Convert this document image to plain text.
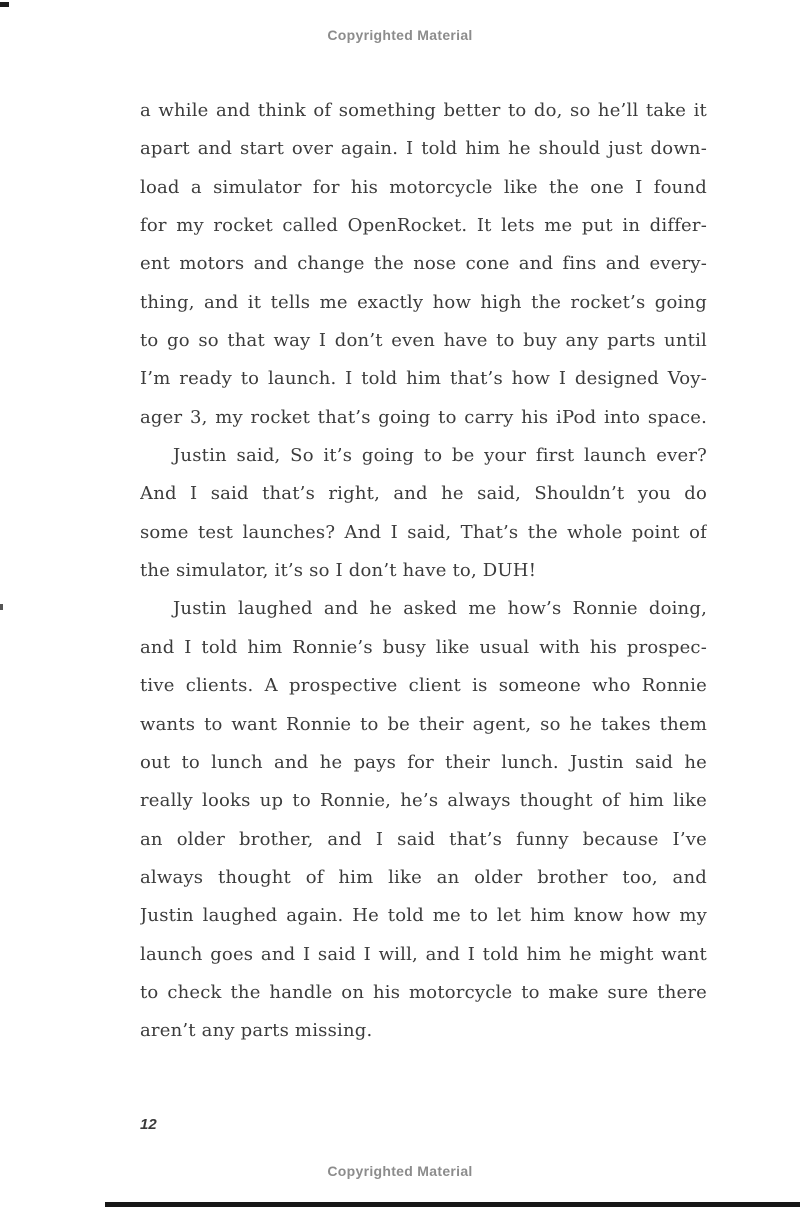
Copyrighted Material
a while and think of something better to do, so he’ll take it
apart and start over again. I told him he should just down-
load a simulator for his motorcycle like the one I found
for my rocket called OpenRocket. It lets me put in differ-
ent motors and change the nose cone and fins and every-
thing, and it tells me exactly how high the rocket’s going
to go so that way I don’t even have to buy any parts until
I’m ready to launch. I told him that’s how I designed Voy-
ager 3, my rocket that’s going to carry his iPod into space.
Justin said, So it’s going to be your first launch ever?
And I said that’s right, and he said, Shouldn’t you do
some test launches? And I said, That’s the whole point of
the simulator, it’s so I don’t have to, DUH!
Justin laughed and he asked me how’s Ronnie doing,
and I told him Ronnie’s busy like usual with his prospec-
tive clients. A prospective client is someone who Ronnie
wants to want Ronnie to be their agent, so he takes them
out to lunch and he pays for their lunch. Justin said he
really looks up to Ronnie, he’s always thought of him like
an older brother, and I said that’s funny because I’ve
always thought of him like an older brother too, and
Justin laughed again. He told me to let him know how my
launch goes and I said I will, and I told him he might want
to check the handle on his motorcycle to make sure there
aren’t any parts missing.
12
Copyrighted Material
